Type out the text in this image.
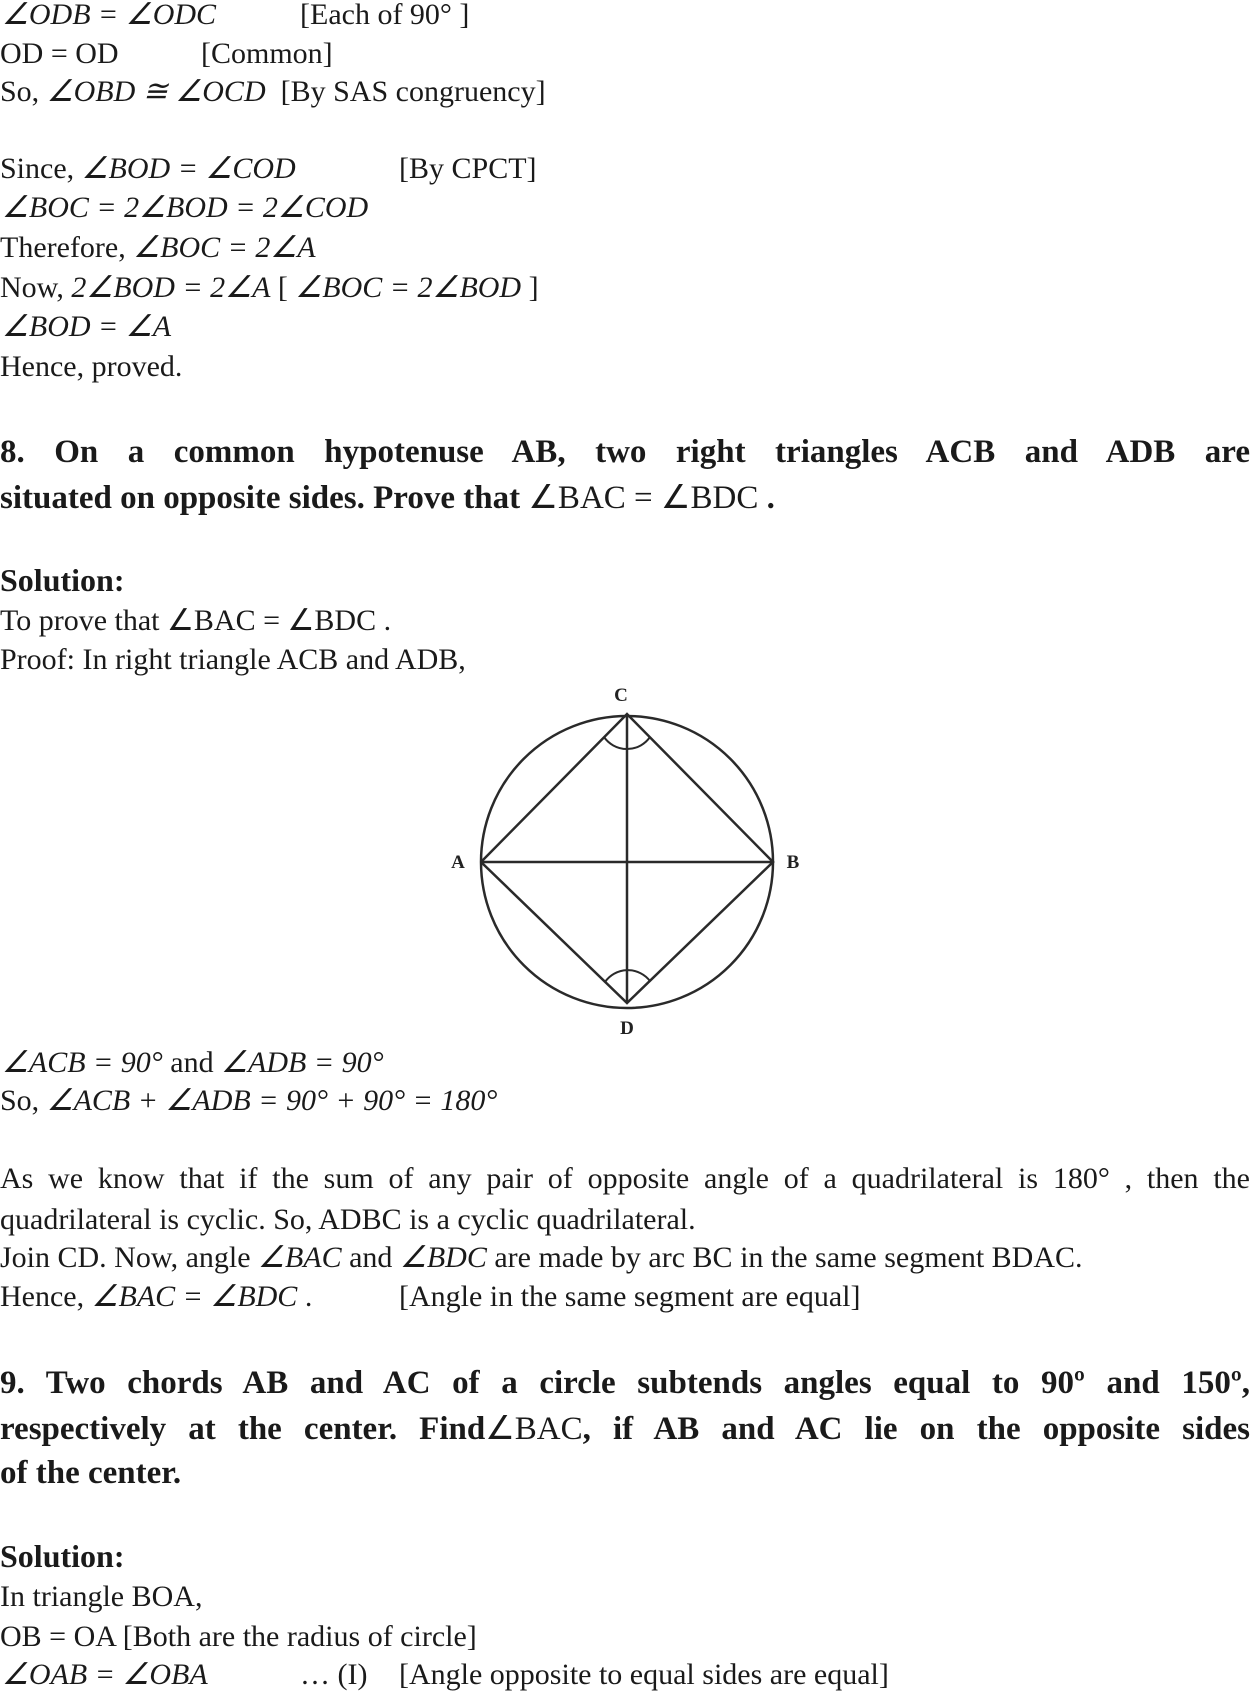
∠ODB = ∠ODC	[Each of 90° ]
OD = OD	[Common]
So, ∠OBD ≅ ∠OCD [By SAS congruency]
Since, ∠BOD = ∠COD	[By CPCT]
∠BOC = 2∠BOD = 2∠COD
Therefore, ∠BOC = 2∠A
Now, 2∠BOD = 2∠A [ ∠BOC = 2∠BOD ]
∠BOD = ∠A
Hence, proved.
8. On a common hypotenuse AB, two right triangles ACB and ADB are
situated on opposite sides. Prove that ∠BAC = ∠BDC .
Solution:
To prove that ∠BAC = ∠BDC .
Proof: In right triangle ACB and ADB,
C
A	B
D
∠ACB = 90° and ∠ADB = 90°
So, ∠ACB + ∠ADB = 90° + 90° = 180°
As we know that if the sum of any pair of opposite angle of a quadrilateral is 180° , then the
quadrilateral is cyclic. So, ADBC is a cyclic quadrilateral.
Join CD. Now, angle ∠BAC and ∠BDC are made by arc BC in the same segment BDAC.
Hence, ∠BAC = ∠BDC .	[Angle in the same segment are equal]
9. Two chords AB and AC of a circle subtends angles equal to 90º and 150º,
respectively at the center. Find∠BAC, if AB and AC lie on the opposite sides
of the center.
Solution:
In triangle BOA,
OB = OA [Both are the radius of circle]
∠OAB = ∠OBA	… (I) [Angle opposite to equal sides are equal]
